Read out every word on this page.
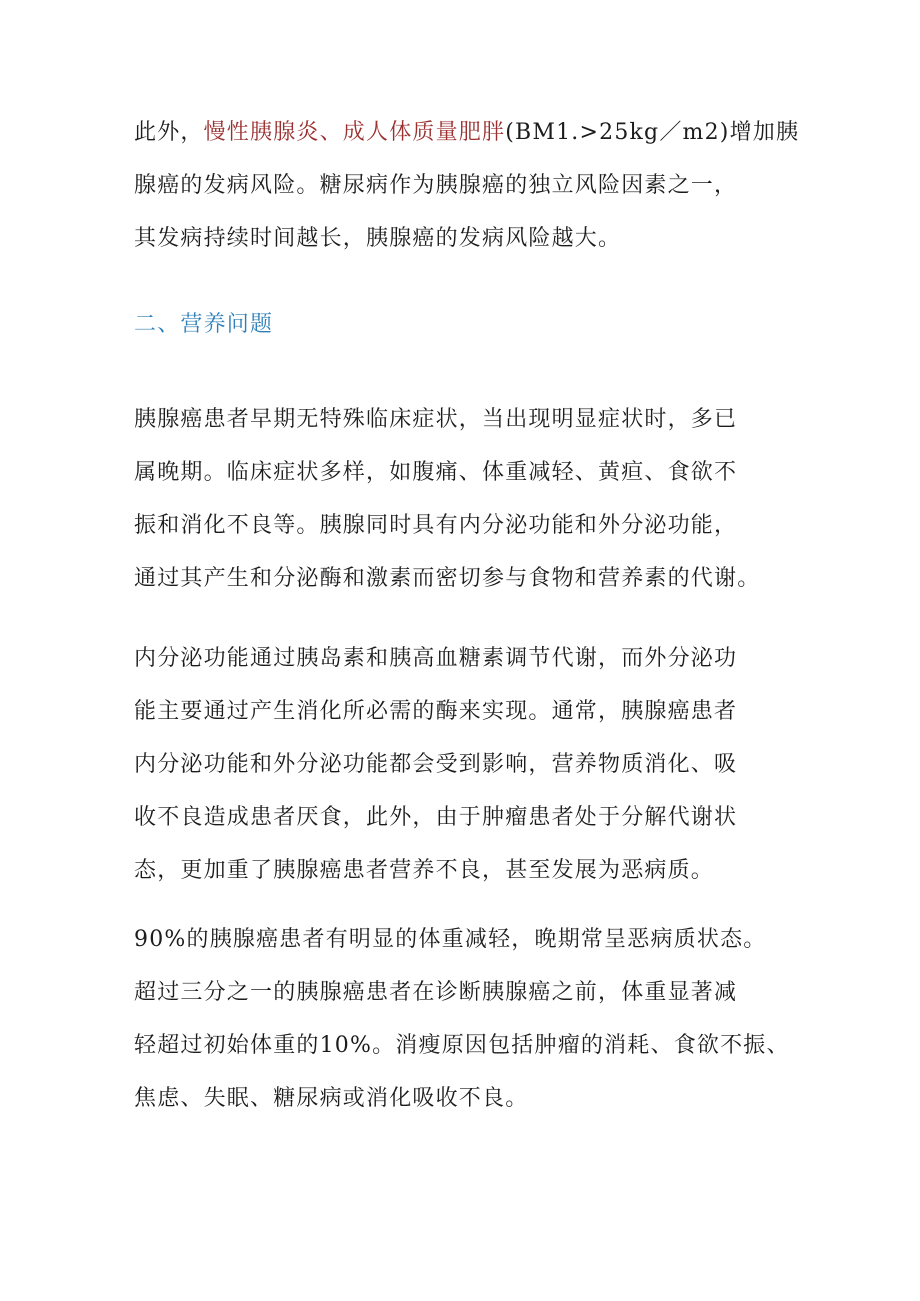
此外，慢性胰腺炎、成人体质量肥胖(BM1.>25kg／m2)增加胰
腺癌的发病风险。糖尿病作为胰腺癌的独立风险因素之一，
其发病持续时间越长，胰腺癌的发病风险越大。
二、营养问题
胰腺癌患者早期无特殊临床症状，当出现明显症状时，多已
属晚期。临床症状多样，如腹痛、体重减轻、黄疸、食欲不
振和消化不良等。胰腺同时具有内分泌功能和外分泌功能，
通过其产生和分泌酶和激素而密切参与食物和营养素的代谢。
内分泌功能通过胰岛素和胰高血糖素调节代谢，而外分泌功
能主要通过产生消化所必需的酶来实现。通常，胰腺癌患者
内分泌功能和外分泌功能都会受到影响，营养物质消化、吸
收不良造成患者厌食，此外，由于肿瘤患者处于分解代谢状
态，更加重了胰腺癌患者营养不良，甚至发展为恶病质。
90%的胰腺癌患者有明显的体重减轻，晚期常呈恶病质状态。
超过三分之一的胰腺癌患者在诊断胰腺癌之前，体重显著减
轻超过初始体重的10%。消瘦原因包括肿瘤的消耗、食欲不振、
焦虑、失眠、糖尿病或消化吸收不良。
